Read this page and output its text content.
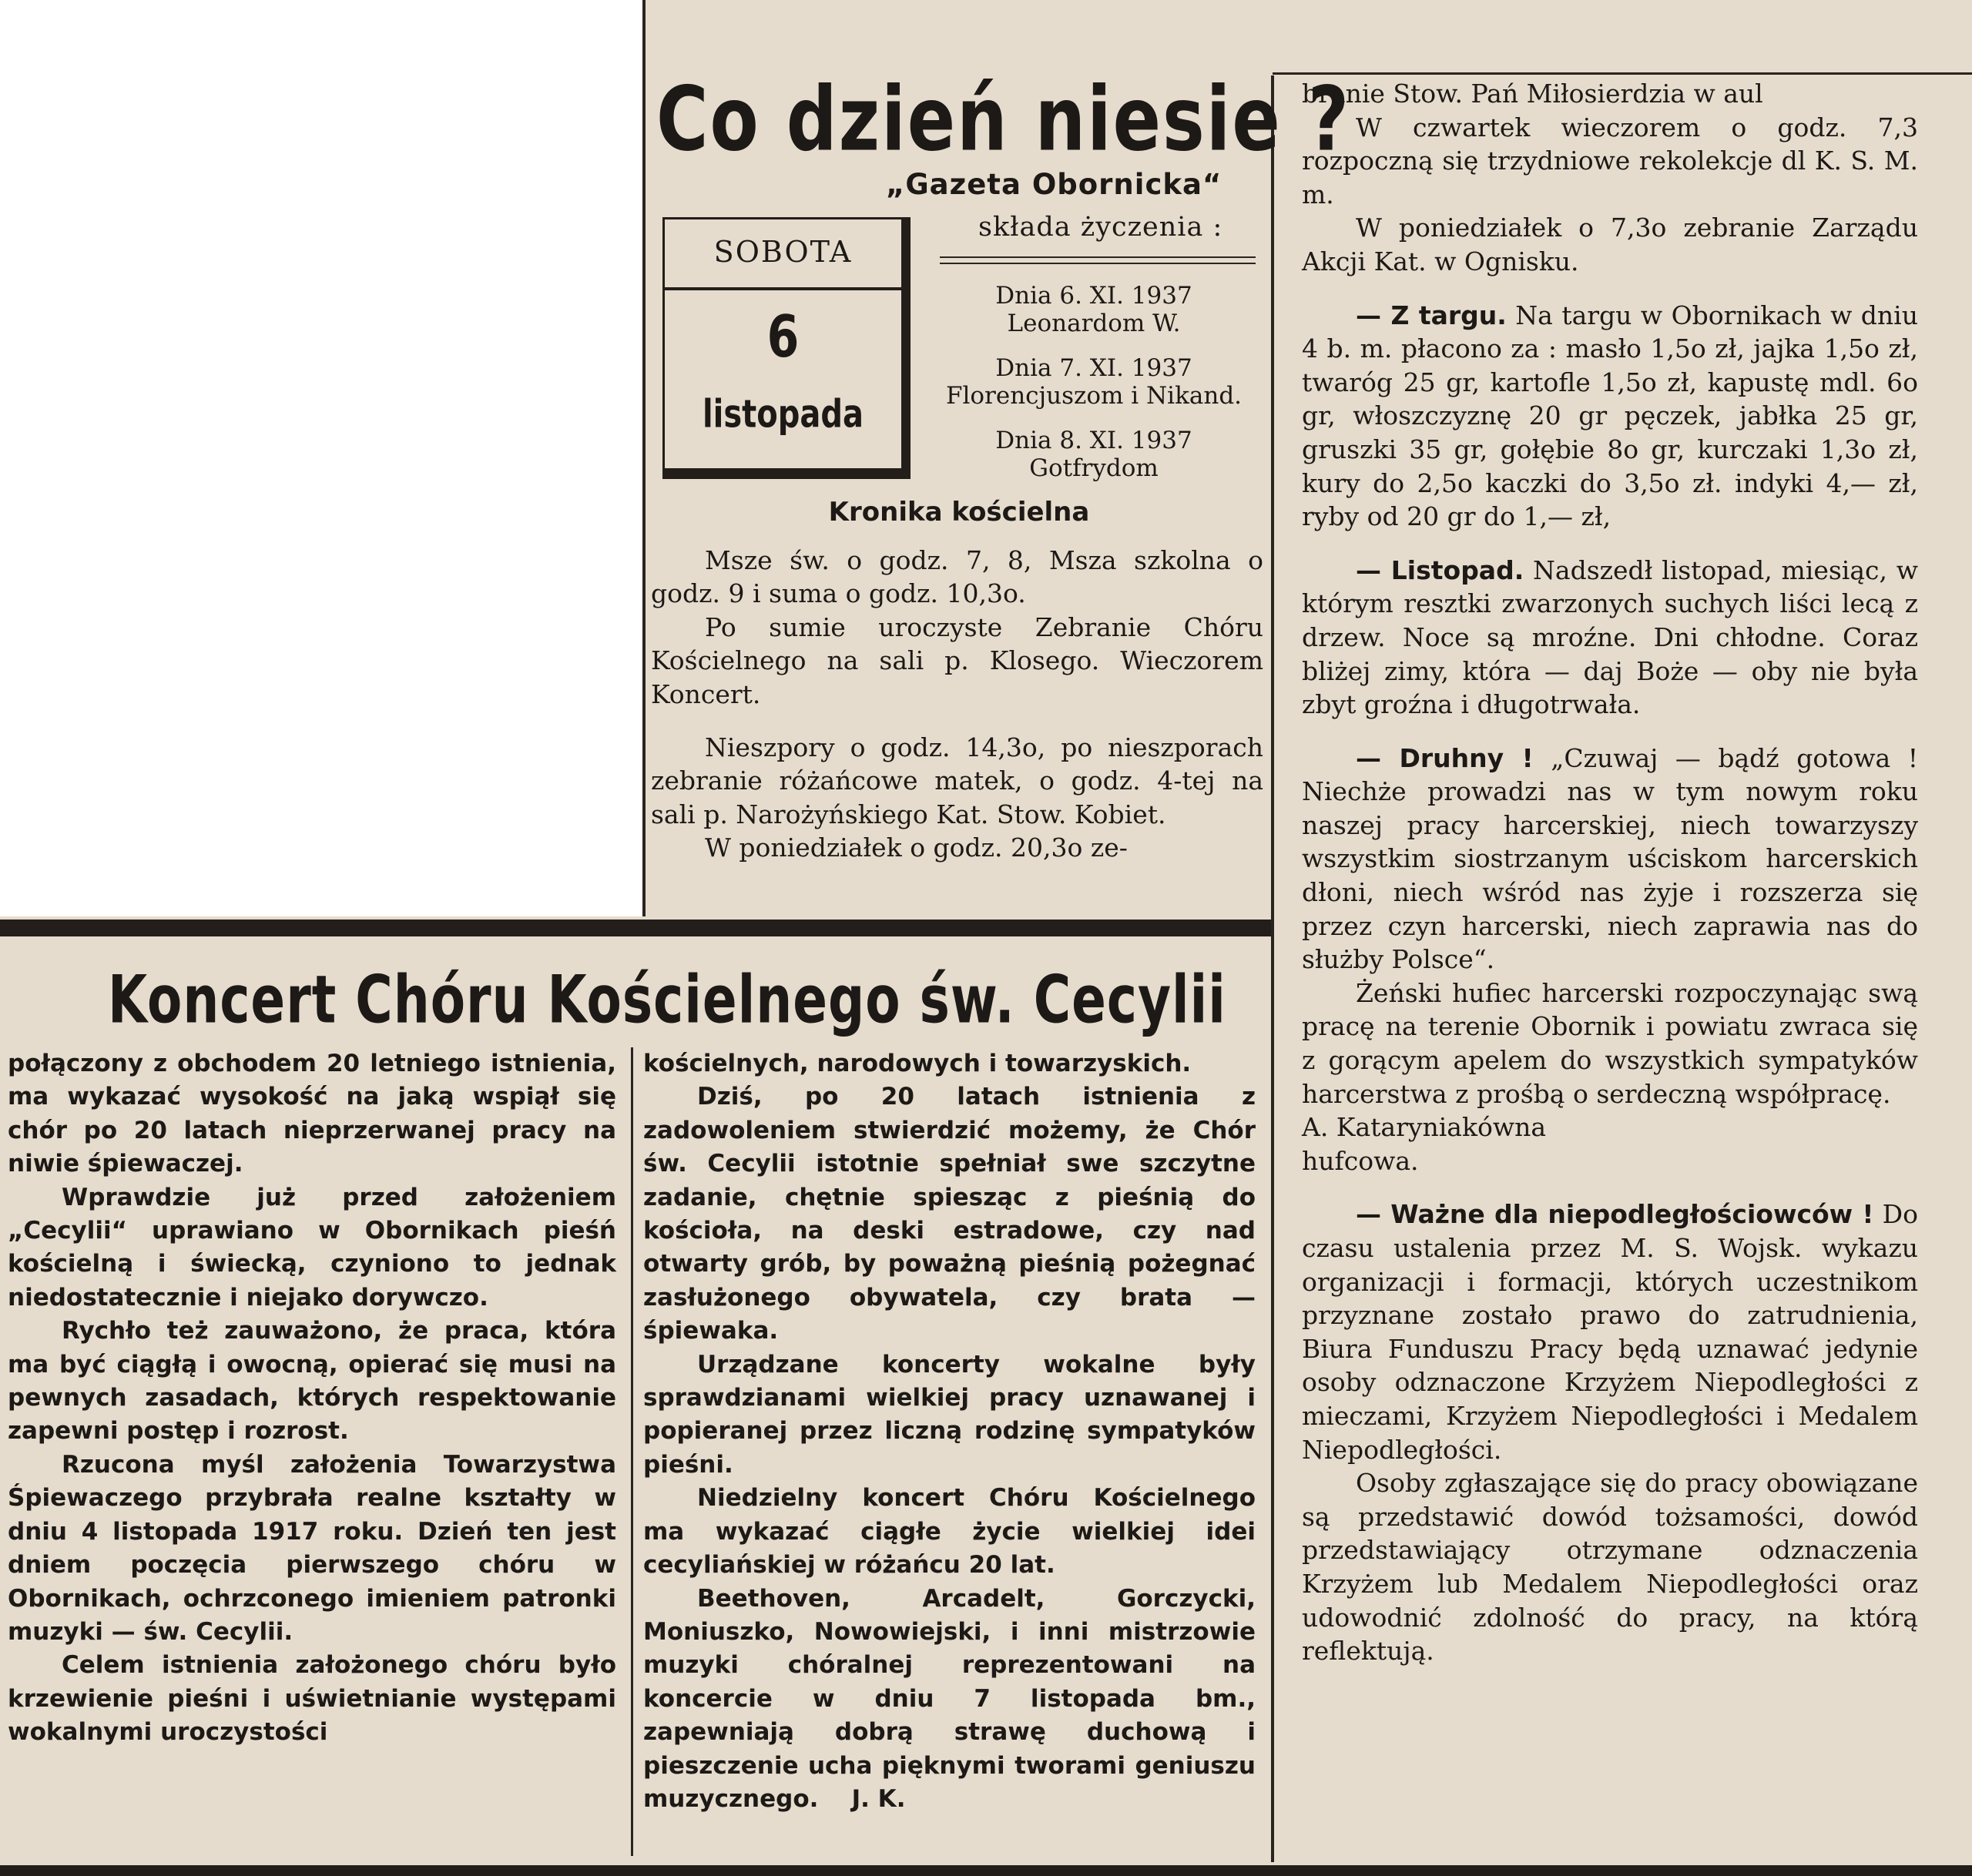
Co dzień niesie ?
„Gazeta Obornicka“
składa życzenia :
SOBOTA
6
listopada
Dnia 6. XI. 1937
Leonardom W.
Dnia 7. XI. 1937
Florencjuszom i Nikand.
Dnia 8. XI. 1937
Gotfrydom
Kronika kościelna

Msze św. o godz. 7, 8, Msza szkolna o godz. 9 i suma o godz. 10,3o.

Po sumie uroczyste Zebranie Chóru Kościelnego na sali p. Klosego. Wieczorem Koncert.

Nieszpory o godz. 14,3o, po nieszporach zebranie różańcowe matek, o godz. 4-tej na sali p. Narożyńskiego Kat. Stow. Kobiet.

W poniedziałek o godz. 20,3o ze-

branie Stow. Pań Miłosierdzia w aul

W czwartek wieczorem o godz. 7,3 rozpoczną się trzydniowe rekolekcje dl K. S. M. m.

W poniedziałek o 7,3o zebranie Zarządu Akcji Kat. w Ognisku.

— Z targu. Na targu w Obornikach w dniu 4 b. m. płacono za : masło 1,5o zł, jajka 1,5o zł, twaróg 25 gr, kartofle 1,5o zł, kapustę mdl. 6o gr, włoszczyznę 20 gr pęczek, jabłka 25 gr, gruszki 35 gr, gołębie 8o gr, kurczaki 1,3o zł, kury do 2,5o kaczki do 3,5o zł. indyki 4,— zł, ryby od 20 gr do 1,— zł,

— Listopad. Nadszedł listopad, miesiąc, w którym resztki zwarzonych suchych liści lecą z drzew. Noce są mroźne. Dni chłodne. Coraz bliżej zimy, która — daj Boże — oby nie była zbyt groźna i długotrwała.

— Druhny ! „Czuwaj — bądź gotowa ! Niechże prowadzi nas w tym nowym roku naszej pracy harcerskiej, niech towarzyszy wszystkim siostrzanym uściskom harcerskich dłoni, niech wśród nas żyje i rozszerza się przez czyn harcerski, niech zaprawia nas do służby Polsce“.

Żeński hufiec harcerski rozpoczynając swą pracę na terenie Obornik i powiatu zwraca się z gorącym apelem do wszystkich sympatyków harcerstwa z prośbą o serdeczną współpracę.

A. Kataryniakówna

hufcowa.

— Ważne dla niepodległościowców ! Do czasu ustalenia przez M. S. Wojsk. wykazu organizacji i formacji, których uczestnikom przyznane zostało prawo do zatrudnienia, Biura Funduszu Pracy będą uznawać jedynie osoby odznaczone Krzyżem Niepodległości z mieczami, Krzyżem Niepodległości i Medalem Niepodległości.

Osoby zgłaszające się do pracy obowiązane są przedstawić dowód tożsamości, dowód przedstawiający otrzymane odznaczenia Krzyżem lub Medalem Niepodległości oraz udowodnić zdolność do pracy, na którą reflektują.

Koncert Chóru Kościelnego św. Cecylii

połączony z obchodem 20 letniego istnienia, ma wykazać wysokość na jaką wspiął się chór po 20 latach nieprzerwanej pracy na niwie śpiewaczej.

Wprawdzie już przed założeniem „Cecylii“ uprawiano w Obornikach pieśń kościelną i świecką, czyniono to jednak niedostatecznie i niejako dorywczo.

Rychło też zauważono, że praca, która ma być ciągłą i owocną, opierać się musi na pewnych zasadach, których respektowanie zapewni postęp i rozrost.

Rzucona myśl założenia Towarzystwa Śpiewaczego przybrała realne kształty w dniu 4 listopada 1917 roku. Dzień ten jest dniem poczęcia pierwszego chóru w Obornikach, ochrzconego imieniem patronki muzyki — św. Cecylii.

Celem istnienia założonego chóru było krzewienie pieśni i uświetnianie występami wokalnymi uroczystości

kościelnych, narodowych i towarzyskich.

Dziś, po 20 latach istnienia z zadowoleniem stwierdzić możemy, że Chór św. Cecylii istotnie spełniał swe szczytne zadanie, chętnie spiesząc z pieśnią do kościoła, na deski estradowe, czy nad otwarty grób, by poważną pieśnią pożegnać zasłużonego obywatela, czy brata — śpiewaka.

Urządzane koncerty wokalne były sprawdzianami wielkiej pracy uznawanej i popieranej przez liczną rodzinę sympatyków pieśni.

Niedzielny koncert Chóru Kościelnego ma wykazać ciągłe życie wielkiej idei cecyliańskiej w różańcu 20 lat.

Beethoven, Arcadelt, Gorczycki, Moniuszko, Nowowiejski, i inni mistrzowie muzyki chóralnej reprezentowani na koncercie w dniu 7 listopada bm., zapewniają dobrą strawę duchową i pieszczenie ucha pięknymi tworami geniuszu muzycznego. J. K.
